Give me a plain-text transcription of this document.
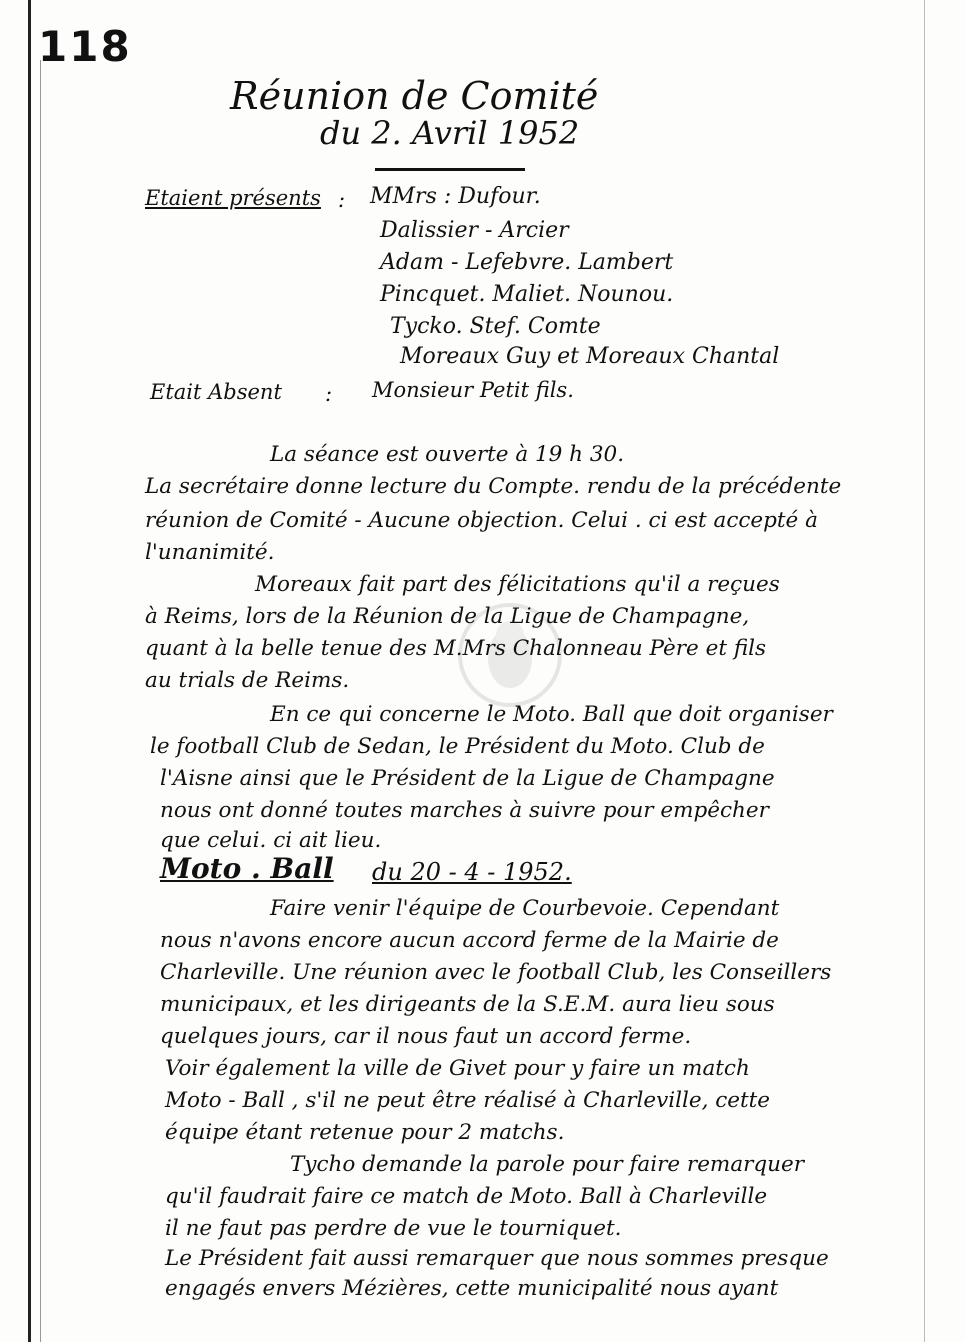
118
Réunion de Comité
du 2. Avril 1952
Etaient présents : MMrs : Dufour.
Dalissier - Arcier
Adam - Lefebvre. Lambert
Pincquet. Maliet. Nounou.
Tycko. Stef. Comte
Moreaux Guy et Moreaux Chantal
Etait Absent : Monsieur Petit fils.
La séance est ouverte à 19 h 30.
La secrétaire donne lecture du Compte. rendu de la précédente
réunion de Comité - Aucune objection. Celui . ci est accepté à
l'unanimité.
Moreaux fait part des félicitations qu'il a reçues
à Reims, lors de la Réunion de la Ligue de Champagne,
quant à la belle tenue des M.Mrs Chalonneau Père et fils
au trials de Reims.
En ce qui concerne le Moto. Ball que doit organiser
le football Club de Sedan, le Président du Moto. Club de
l'Aisne ainsi que le Président de la Ligue de Champagne
nous ont donné toutes marches à suivre pour empêcher
que celui. ci ait lieu.
Moto . Ball du 20 - 4 - 1952.
Faire venir l'équipe de Courbevoie. Cependant
nous n'avons encore aucun accord ferme de la Mairie de
Charleville. Une réunion avec le football Club, les Conseillers
municipaux, et les dirigeants de la S.E.M. aura lieu sous
quelques jours, car il nous faut un accord ferme.
Voir également la ville de Givet pour y faire un match
Moto - Ball , s'il ne peut être réalisé à Charleville, cette
équipe étant retenue pour 2 matchs.
Tycho demande la parole pour faire remarquer
qu'il faudrait faire ce match de Moto. Ball à Charleville
il ne faut pas perdre de vue le tourniquet.
Le Président fait aussi remarquer que nous sommes presque
engagés envers Mézières, cette municipalité nous ayant
